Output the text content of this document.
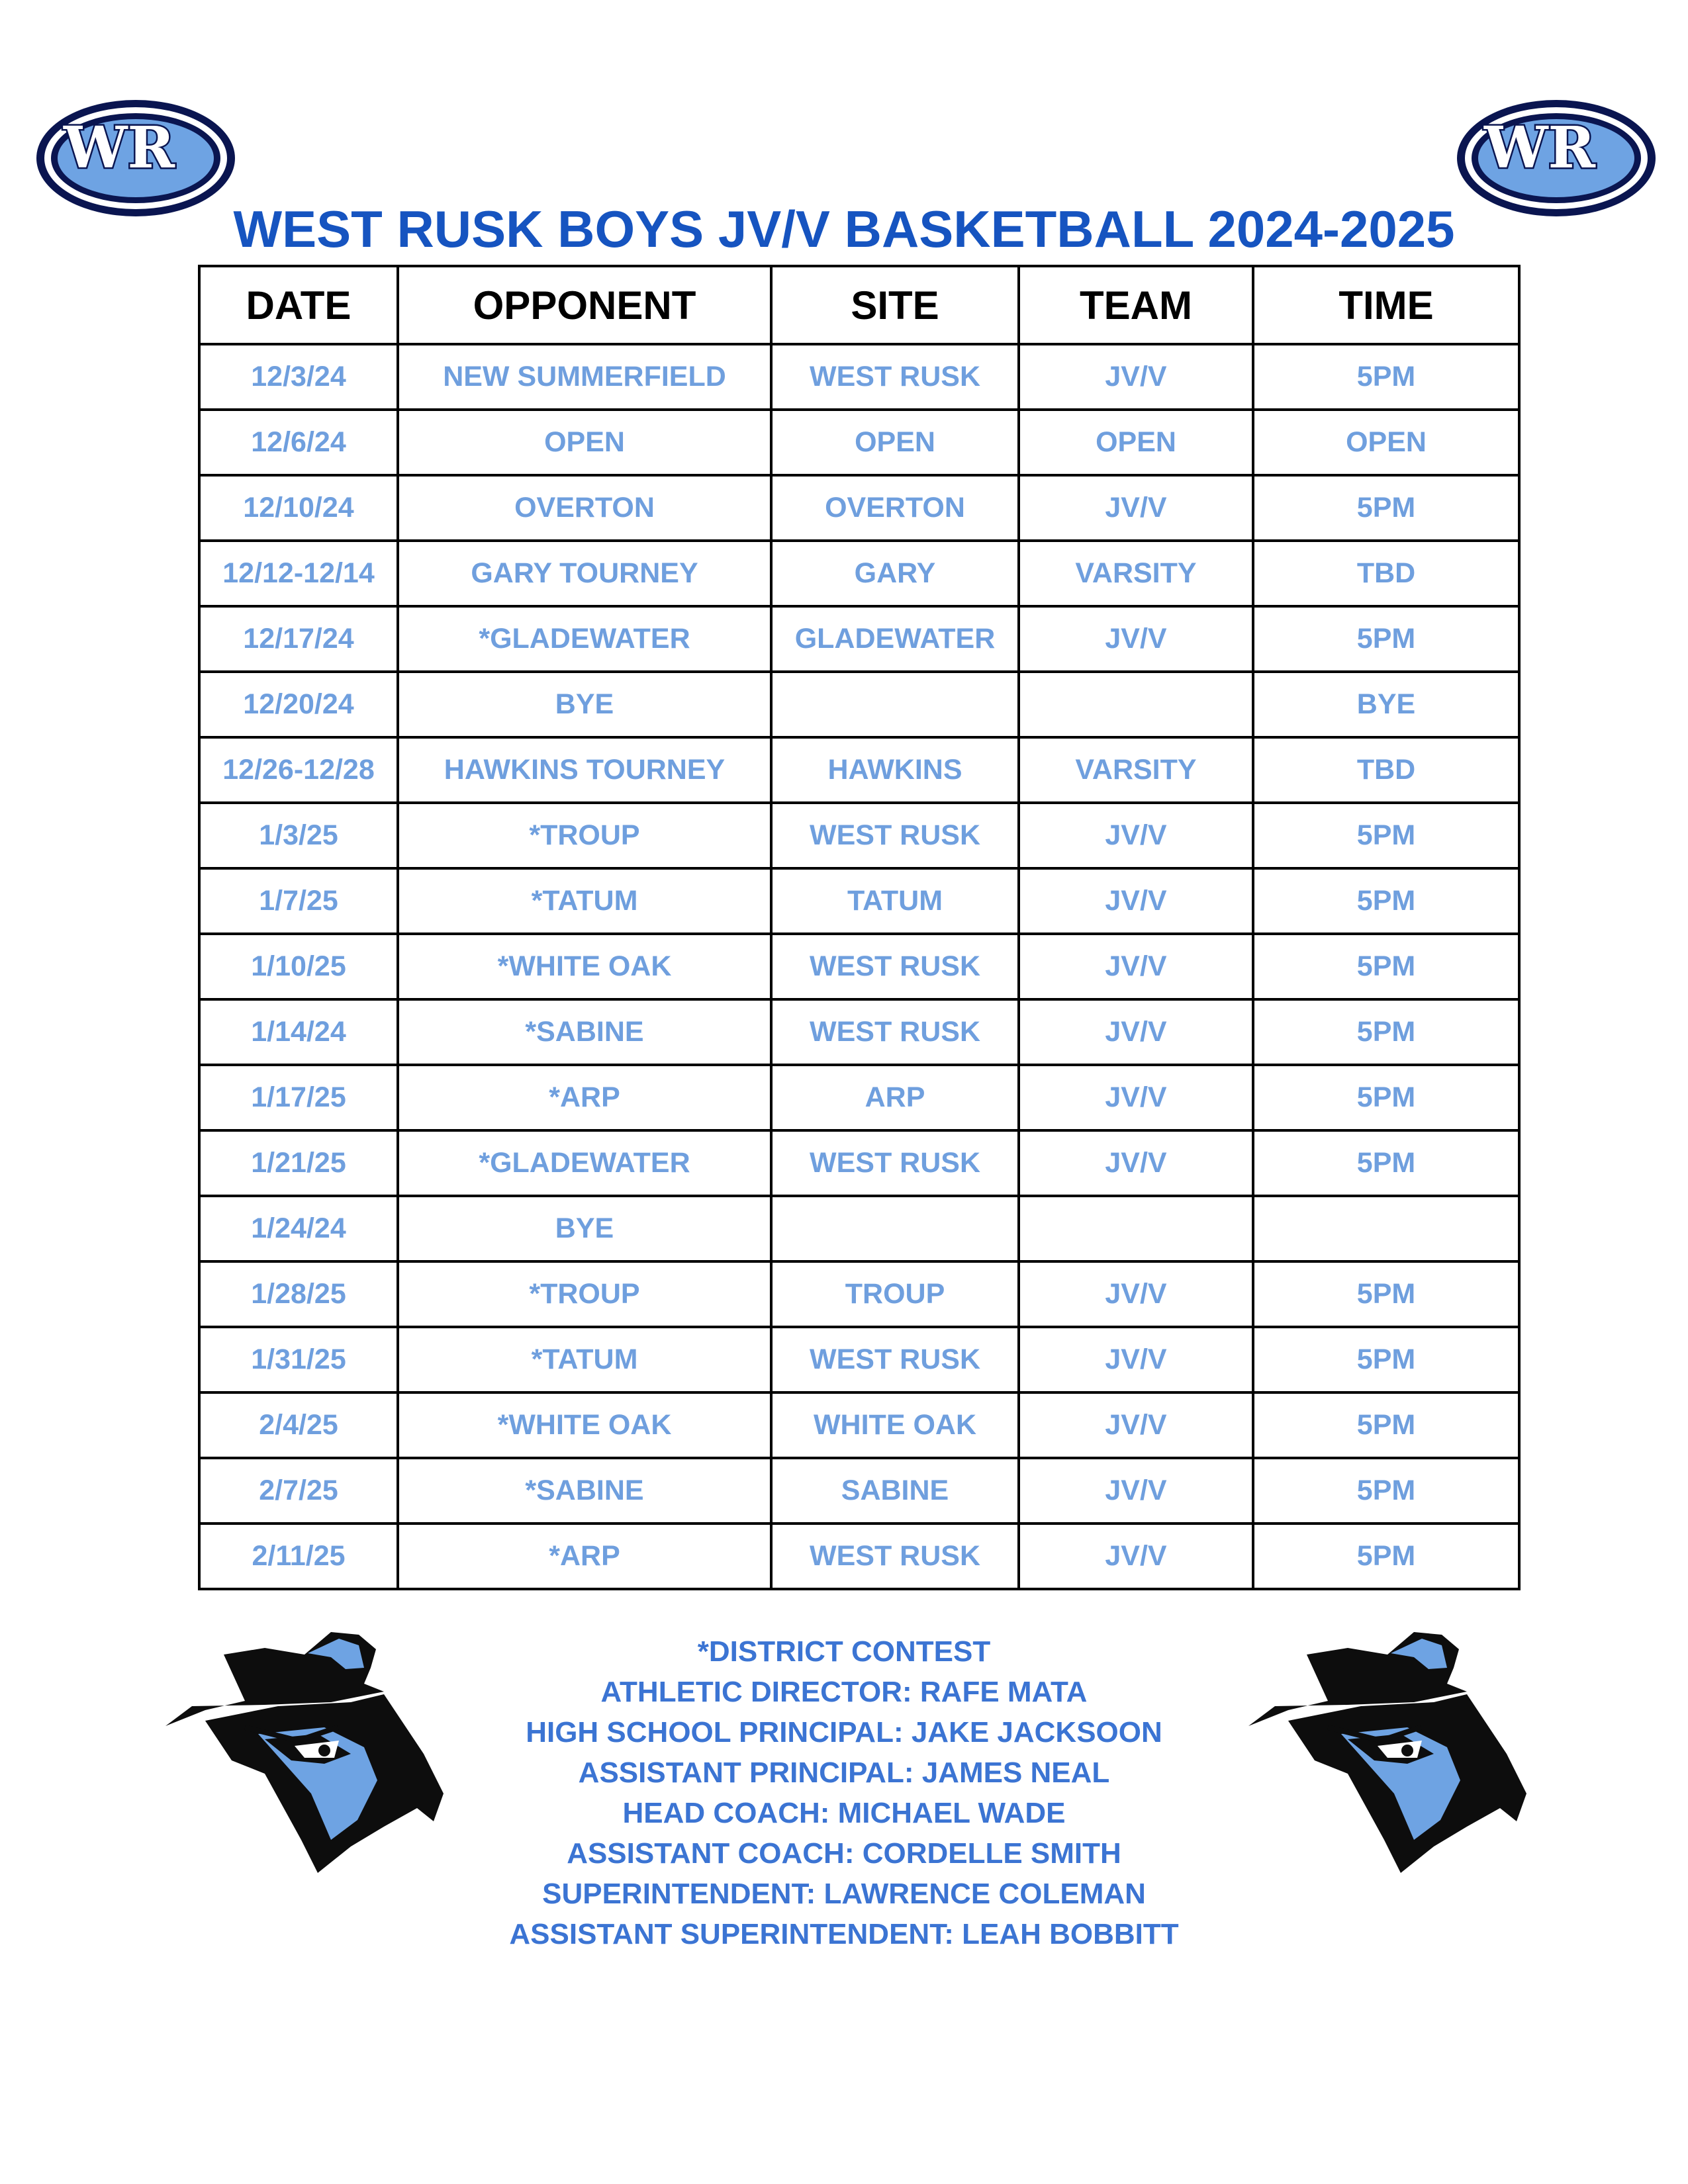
WR	WR
WEST RUSK BOYS JV/V BASKETBALL 2024-2025
DATE	OPPONENT	SITE	TEAM	TIME
12/3/24	NEW SUMMERFIELD	WEST RUSK	JV/V	5PM
12/6/24	OPEN	OPEN	OPEN	OPEN
12/10/24	OVERTON	OVERTON	JV/V	5PM
12/12-12/14	GARY TOURNEY	GARY	VARSITY	TBD
12/17/24	*GLADEWATER	GLADEWATER	JV/V	5PM
12/20/24	BYE			BYE
12/26-12/28	HAWKINS TOURNEY	HAWKINS	VARSITY	TBD
1/3/25	*TROUP	WEST RUSK	JV/V	5PM
1/7/25	*TATUM	TATUM	JV/V	5PM
1/10/25	*WHITE OAK	WEST RUSK	JV/V	5PM
1/14/24	*SABINE	WEST RUSK	JV/V	5PM
1/17/25	*ARP	ARP	JV/V	5PM
1/21/25	*GLADEWATER	WEST RUSK	JV/V	5PM
1/24/24	BYE			
1/28/25	*TROUP	TROUP	JV/V	5PM
1/31/25	*TATUM	WEST RUSK	JV/V	5PM
2/4/25	*WHITE OAK	WHITE OAK	JV/V	5PM
2/7/25	*SABINE	SABINE	JV/V	5PM
2/11/25	*ARP	WEST RUSK	JV/V	5PM
*DISTRICT CONTEST
ATHLETIC DIRECTOR: RAFE MATA
HIGH SCHOOL PRINCIPAL: JAKE JACKSOON
ASSISTANT PRINCIPAL: JAMES NEAL
HEAD COACH: MICHAEL WADE
ASSISTANT COACH: CORDELLE SMITH
SUPERINTENDENT: LAWRENCE COLEMAN
ASSISTANT SUPERINTENDENT: LEAH BOBBITT
